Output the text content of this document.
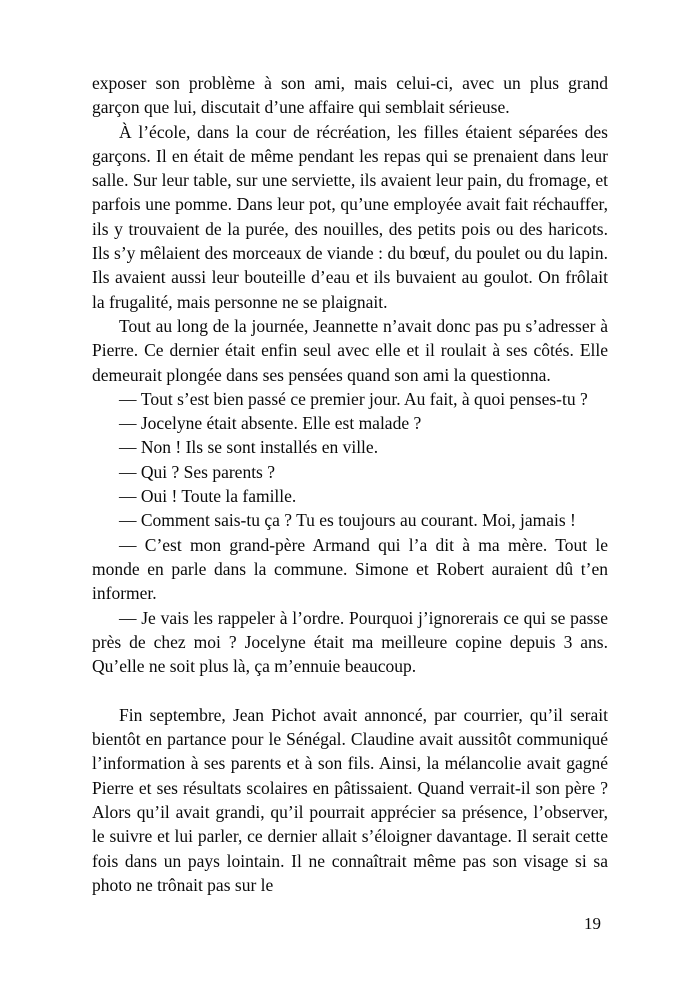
exposer son problème à son ami, mais celui-ci, avec un plus grand garçon que lui, discutait d’une affaire qui semblait sérieuse.

À l’école, dans la cour de récréation, les filles étaient séparées des garçons. Il en était de même pendant les repas qui se prenaient dans leur salle. Sur leur table, sur une serviette, ils avaient leur pain, du fromage, et parfois une pomme. Dans leur pot, qu’une employée avait fait réchauffer, ils y trouvaient de la purée, des nouilles, des petits pois ou des haricots. Ils s’y mêlaient des morceaux de viande : du bœuf, du poulet ou du lapin. Ils avaient aussi leur bouteille d’eau et ils buvaient au goulot. On frôlait la frugalité, mais personne ne se plaignait.

Tout au long de la journée, Jeannette n’avait donc pas pu s’adresser à Pierre. Ce dernier était enfin seul avec elle et il roulait à ses côtés. Elle demeurait plongée dans ses pensées quand son ami la questionna.

— Tout s’est bien passé ce premier jour. Au fait, à quoi penses-tu ?

— Jocelyne était absente. Elle est malade ?

— Non ! Ils se sont installés en ville.

— Qui ? Ses parents ?

— Oui ! Toute la famille.

— Comment sais-tu ça ? Tu es toujours au courant. Moi, jamais !

— C’est mon grand-père Armand qui l’a dit à ma mère. Tout le monde en parle dans la commune. Simone et Robert auraient dû t’en informer.

— Je vais les rappeler à l’ordre. Pourquoi j’ignorerais ce qui se passe près de chez moi ? Jocelyne était ma meilleure copine depuis 3 ans. Qu’elle ne soit plus là, ça m’ennuie beaucoup.

Fin septembre, Jean Pichot avait annoncé, par courrier, qu’il serait bientôt en partance pour le Sénégal. Claudine avait aussitôt communiqué l’information à ses parents et à son fils. Ainsi, la mélancolie avait gagné Pierre et ses résultats scolaires en pâtissaient. Quand verrait-il son père ? Alors qu’il avait grandi, qu’il pourrait apprécier sa présence, l’observer, le suivre et lui parler, ce dernier allait s’éloigner davantage. Il serait cette fois dans un pays lointain. Il ne connaîtrait même pas son visage si sa photo ne trônait pas sur le

19
